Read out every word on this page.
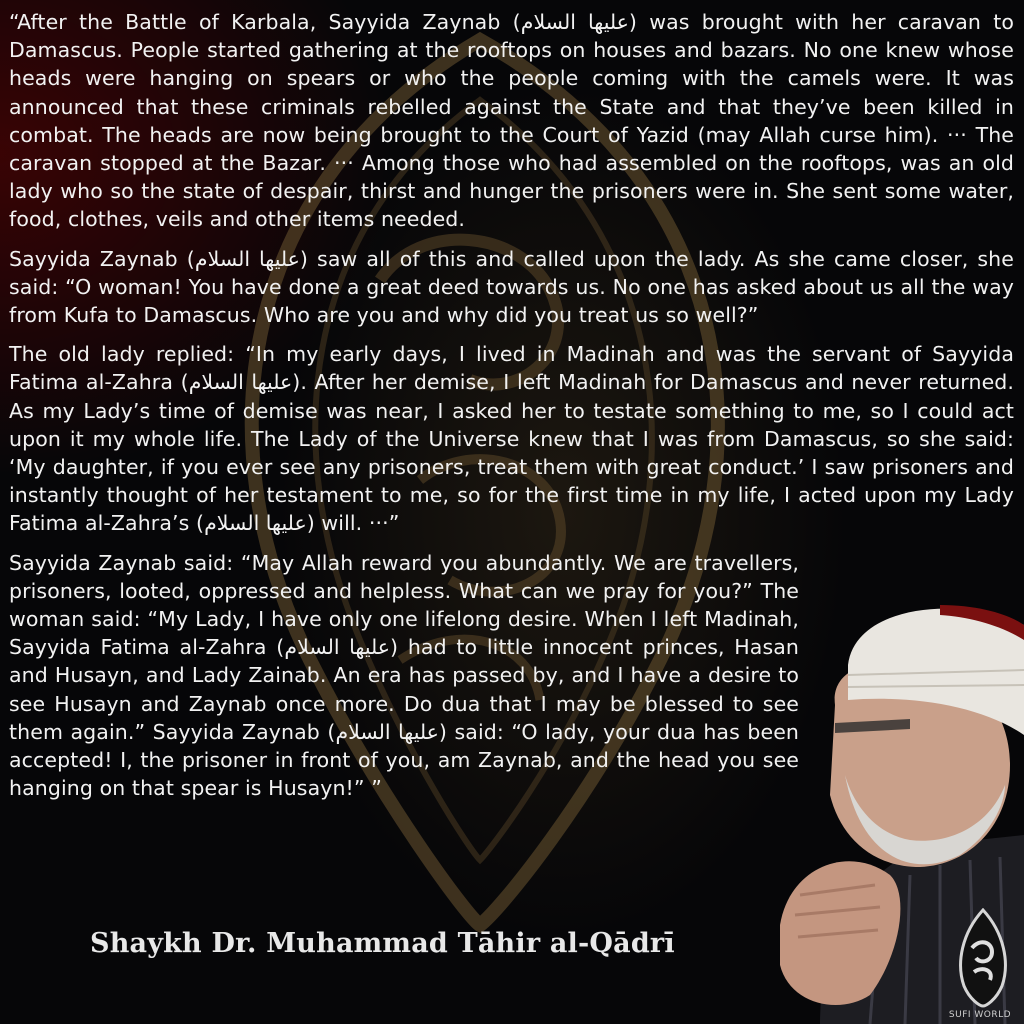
“After the Battle of Karbala, Sayyida Zaynab (عليها السلام) was brought with her caravan to Damascus. People started gathering at the rooftops on houses and bazars. No one knew whose heads were hanging on spears or who the people coming with the camels were. It was announced that these criminals rebelled against the State and that they’ve been killed in combat. The heads are now being brought to the Court of Yazid (may Allah curse him). ··· The caravan stopped at the Bazar. ··· Among those who had assembled on the rooftops, was an old lady who so the state of despair, thirst and hunger the prisoners were in. She sent some water, food, clothes, veils and other items needed.

Sayyida Zaynab (عليها السلام) saw all of this and called upon the lady. As she came closer, she said: “O woman! You have done a great deed towards us. No one has asked about us all the way from Kufa to Damascus. Who are you and why did you treat us so well?”

The old lady replied: “In my early days, I lived in Madinah and was the servant of Sayyida Fatima al-Zahra (عليها السلام). After her demise, I left Madinah for Damascus and never returned. As my Lady’s time of demise was near, I asked her to testate something to me, so I could act upon it my whole life. The Lady of the Universe knew that I was from Damascus, so she said: ‘My daughter, if you ever see any prisoners, treat them with great conduct.’ I saw prisoners and instantly thought of her testament to me, so for the first time in my life, I acted upon my Lady Fatima al-Zahra’s (عليها السلام) will. ···”

Sayyida Zaynab said: “May Allah reward you abundantly. We are travellers, prisoners, looted, oppressed and helpless. What can we pray for you?” The woman said: “My Lady, I have only one lifelong desire. When I left Madinah, Sayyida Fatima al-Zahra (عليها السلام) had to little innocent princes, Hasan and Husayn, and Lady Zainab. An era has passed by, and I have a desire to see Husayn and Zaynab once more. Do dua that I may be blessed to see them again.” Sayyida Zaynab (عليها السلام) said: “O lady, your dua has been accepted! I, the prisoner in front of you, am Zaynab, and the head you see hanging on that spear is Husayn!” ”

Shaykh Dr. Muhammad Tāhir al-Qādrī
SUFI WORLD
